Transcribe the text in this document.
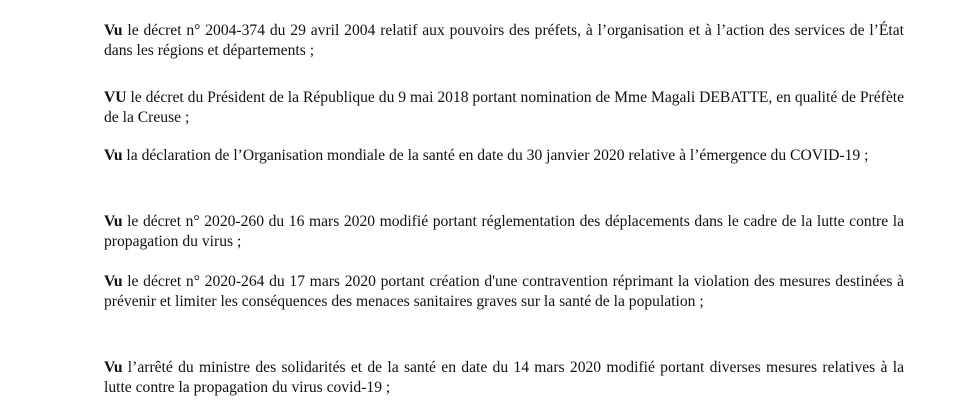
Vu le décret n° 2004-374 du 29 avril 2004 relatif aux pouvoirs des préfets, à l’organisation et à l’action des services de l’État dans les régions et départements ;

VU le décret du Président de la République du 9 mai 2018 portant nomination de Mme Magali DEBATTE, en qualité de Préfète de la Creuse ;

Vu la déclaration de l’Organisation mondiale de la santé en date du 30 janvier 2020 relative à l’émergence du COVID-19 ;

Vu le décret n° 2020-260 du 16 mars 2020 modifié portant réglementation des déplacements dans le cadre de la lutte contre la propagation du virus ;

Vu le décret n° 2020-264 du 17 mars 2020 portant création d'une contravention réprimant la violation des mesures destinées à prévenir et limiter les conséquences des menaces sanitaires graves sur la santé de la population ;

Vu l’arrêté du ministre des solidarités et de la santé en date du 14 mars 2020 modifié portant diverses mesures relatives à la lutte contre la propagation du virus covid-19 ;
